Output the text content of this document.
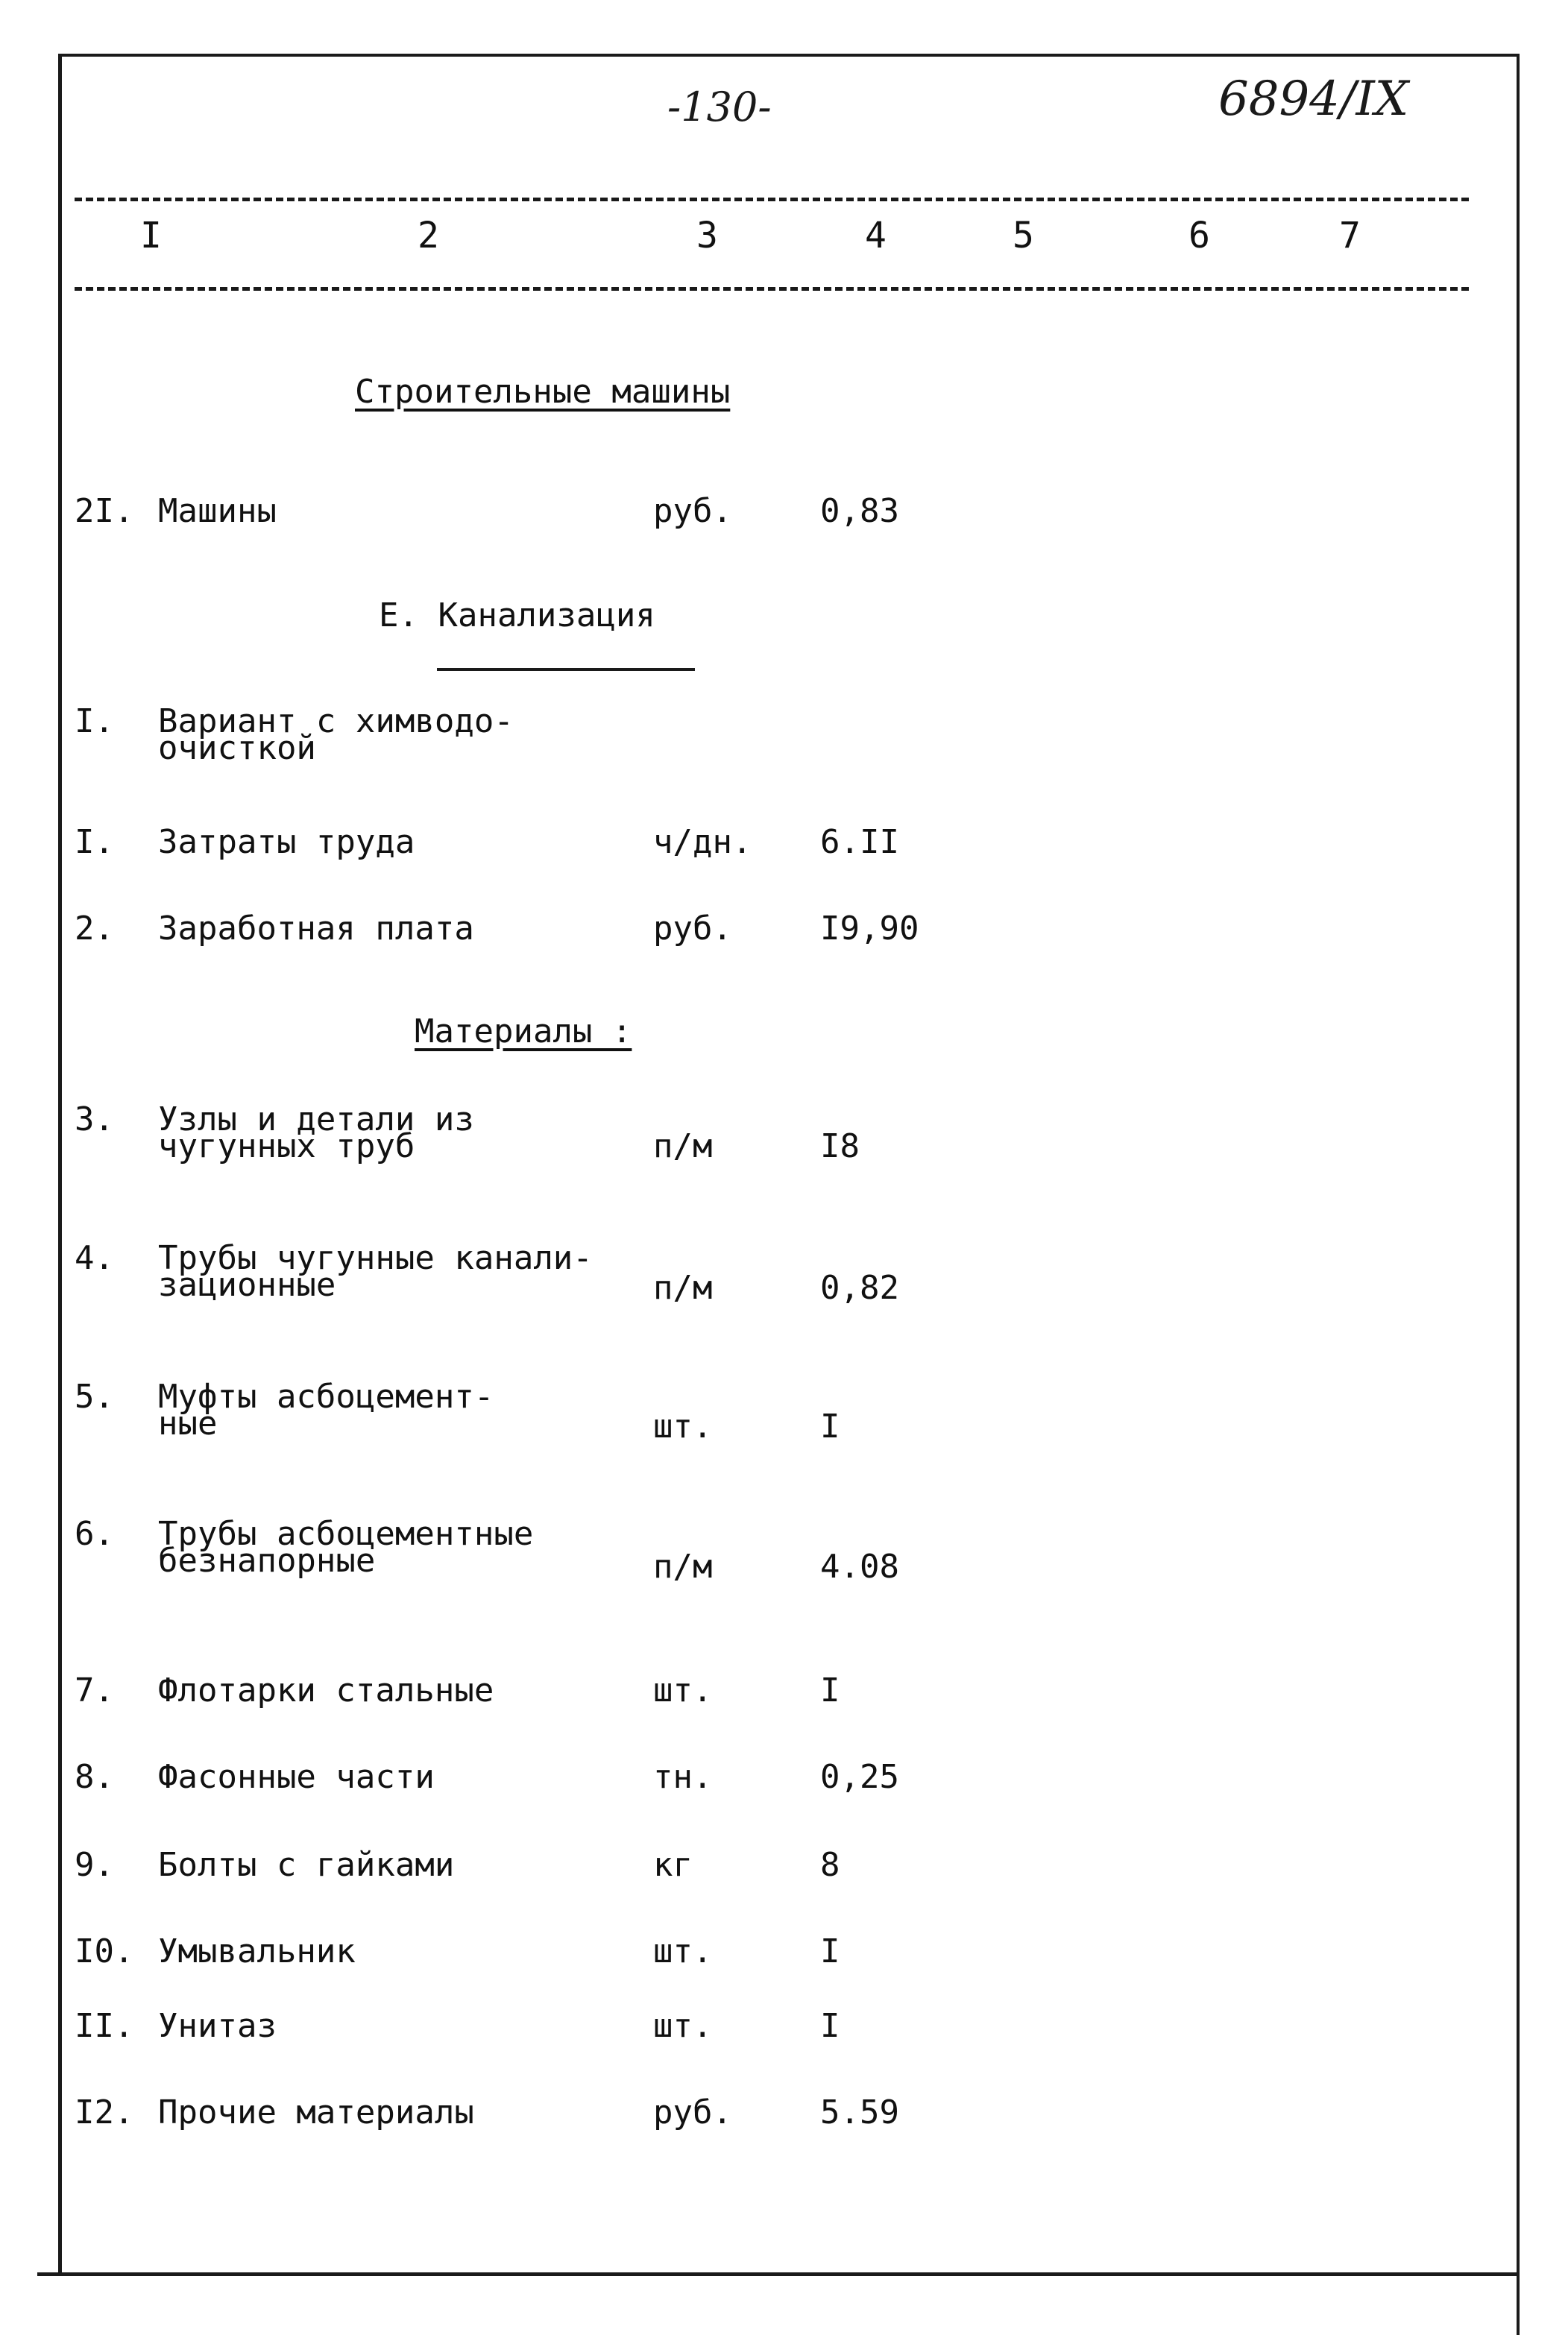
-130-	6894/IX
I	2	3	4	5	6	7
Строительные машины
2I. Машины	руб.	0,83
Е. Канализация
I. Вариант с химводо-
очисткой
I. Затраты труда	ч/дн. 6.II
2. Заработная плата	руб.	I9,90
Материалы :
3. Узлы и детали из
чугунных труб	п/м	I8
4. Трубы чугунные канали-
зационные	п/м	0,82
5. Муфты асбоцемент-
ные	шт.	I
6. Трубы асбоцементные
безнапорные	п/м	4.08
7. Флотарки стальные	шт.	I
8. Фасонные части	тн.	0,25
9. Болты с гайками	кг	8
I0. Умывальник	шт.	I
II. Унитаз	шт.	I
I2. Прочие материалы	руб.	5.59
